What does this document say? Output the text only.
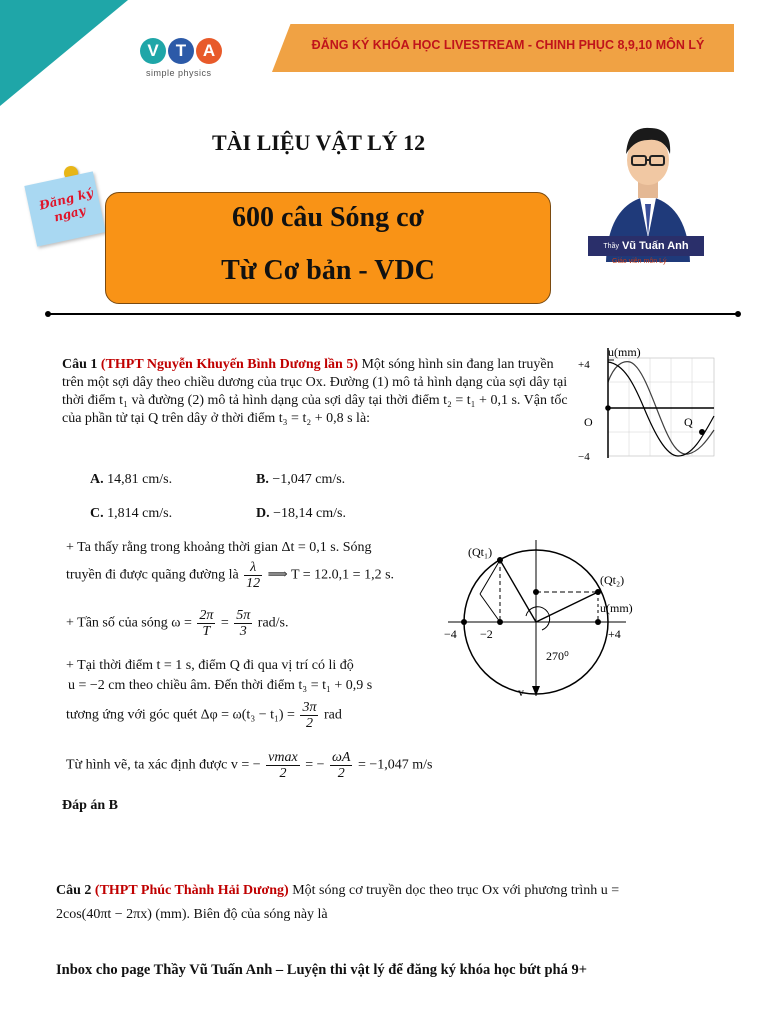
V	T A
simple physics
ĐĂNG KÝ KHÓA HỌC LIVESTREAM - CHINH PHỤC 8,9,10 MÔN LÝ
TÀI LIỆU VẬT LÝ 12
Đăng ký ngay	600 câu Sóng cơ
Từ Cơ bản - VDC
Thầy Vũ Tuấn Anh
Giáo viên môn Lý
Câu 1 (THPT Nguyễn Khuyến Bình Dương lần 5) Một sóng hình sin đang lan truyền trên một sợi dây theo chiều dương của trục Ox. Đường (1) mô tả hình dạng của sợi dây tại thời điểm t₁ và đường (2) mô tả hình dạng của sợi dây tại thời điểm t₂ = t₁ + 0,1 s. Vận tốc của phần tử tại Q trên dây ở thời điểm t₃ = t₂ + 0,8 s là:
u(mm)
+4
−4
O	Q
A. 14,81 cm/s.	B. −1,047 cm/s.
C. 1,814 cm/s.	D. −18,14 cm/s.
+ Ta thấy rằng trong khoảng thời gian Δt = 0,1 s. Sóng
truyền đi được quãng đường là $\frac{\lambda}{12}$ ⟹ T = 12.0,1 = 1,2 s.
+ Tần số của sóng $\omega = \frac{2\pi}{T} = \frac{5\pi}{3} rad/s$.
+ Tại thời điểm t = 1 s, điểm Q đi qua vị trí có li độ
u = −2 cm theo chiều âm. Đến thời điểm t₃ = t₁ + 0,9 s
tương ứng với góc quét $\Delta\varphi = \omega(t_3 - t_1) = \frac{3\pi}{2}$ rad
Từ hình vẽ, ta xác định được v = − $\frac{vmax}{2}$ = − $\frac{\omega A}{2} = -1,047$ m/s
(Qt₁)
(Qt₂)
u(mm)
−4 −2	+4
270⁰
v
Đáp án B
Câu 2 (THPT Phúc Thành Hải Dương) Một sóng cơ truyền dọc theo trục Ox với phương trình u =
2cos(40πt − 2πx) (mm). Biên độ của sóng này là
Inbox cho page Thầy Vũ Tuấn Anh – Luyện thi vật lý để đăng ký khóa học bứt phá 9+
